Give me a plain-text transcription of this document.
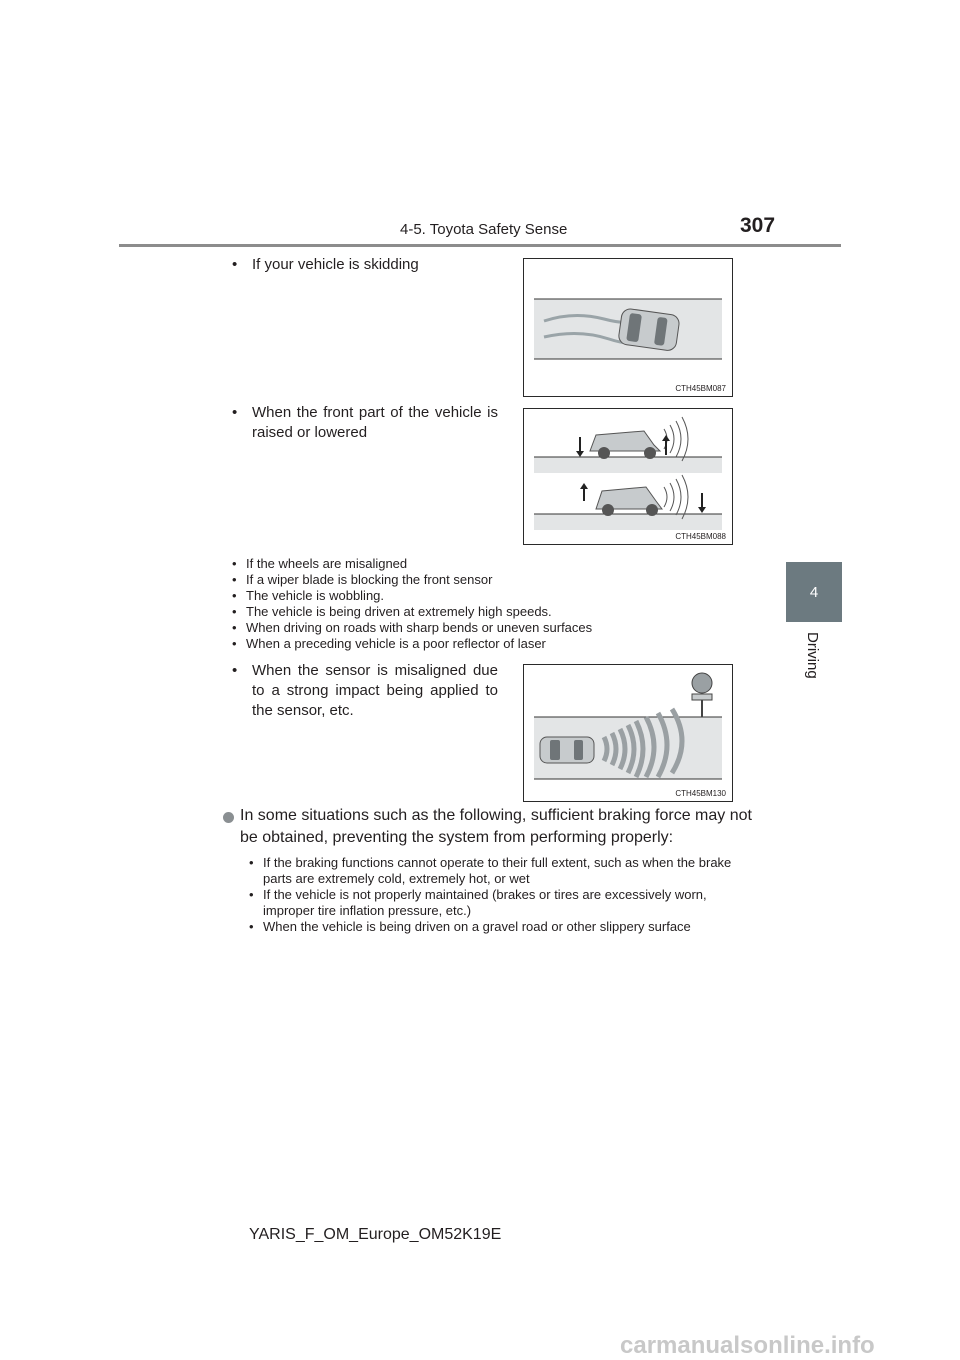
4-5. Toyota Safety Sense	307
4
Driving
• If your vehicle is skidding
CTH45BM087
• When the front part of the vehicle is raised or lowered
CTH45BM088
• If the wheels are misaligned
• If a wiper blade is blocking the front sensor
• The vehicle is wobbling.
• The vehicle is being driven at extremely high speeds.
• When driving on roads with sharp bends or uneven surfaces
• When a preceding vehicle is a poor reflector of laser
• When the sensor is misaligned due to a strong impact being applied to the sensor, etc.
CTH45BM130
In some situations such as the following, sufficient braking force may not be obtained, preventing the system from performing properly:
• If the braking functions cannot operate to their full extent, such as when the brake parts are extremely cold, extremely hot, or wet
• If the vehicle is not properly maintained (brakes or tires are excessively worn, improper tire inflation pressure, etc.)
• When the vehicle is being driven on a gravel road or other slippery surface
YARIS_F_OM_Europe_OM52K19E
carmanualsonline.info
